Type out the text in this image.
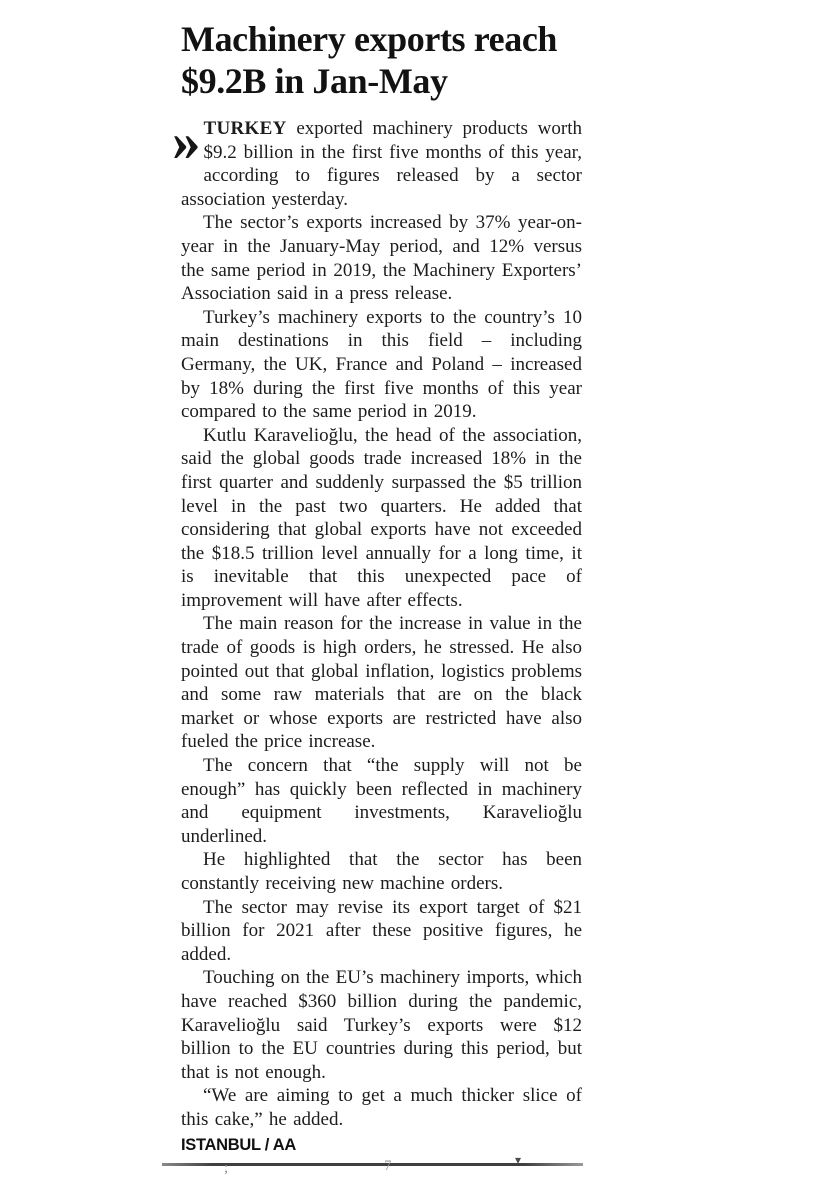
Machinery exports reach
$9.2B in Jan-May

» TURKEY exported machinery products worth $9.2 billion in the first five months of this year, according to figures released by a sector association yesterday.

The sector’s exports increased by 37% year-on-year in the January-May period, and 12% versus the same period in 2019, the Machinery Exporters’ Association said in a press release.

Turkey’s machinery exports to the country’s 10 main destinations in this field – including Germany, the UK, France and Poland – increased by 18% during the first five months of this year compared to the same period in 2019.

Kutlu Karavelioğlu, the head of the association, said the global goods trade increased 18% in the first quarter and suddenly surpassed the $5 trillion level in the past two quarters. He added that considering that global exports have not exceeded the $18.5 trillion level annually for a long time, it is inevitable that this unexpected pace of improvement will have after effects.

The main reason for the increase in value in the trade of goods is high orders, he stressed. He also pointed out that global inflation, logistics problems and some raw materials that are on the black market or whose exports are restricted have also fueled the price increase.

The concern that “the supply will not be enough” has quickly been reflected in machinery and equipment investments, Karavelioğlu underlined.

He highlighted that the sector has been constantly receiving new machine orders.

The sector may revise its export target of $21 billion for 2021 after these positive figures, he added.

Touching on the EU’s machinery imports, which have reached $360 billion during the pandemic, Karavelioğlu said Turkey’s exports were $12 billion to the EU countries during this period, but that is not enough.

“We are aiming to get a much thicker slice of this cake,” he added.

ISTANBUL / AA
;	7	▾
